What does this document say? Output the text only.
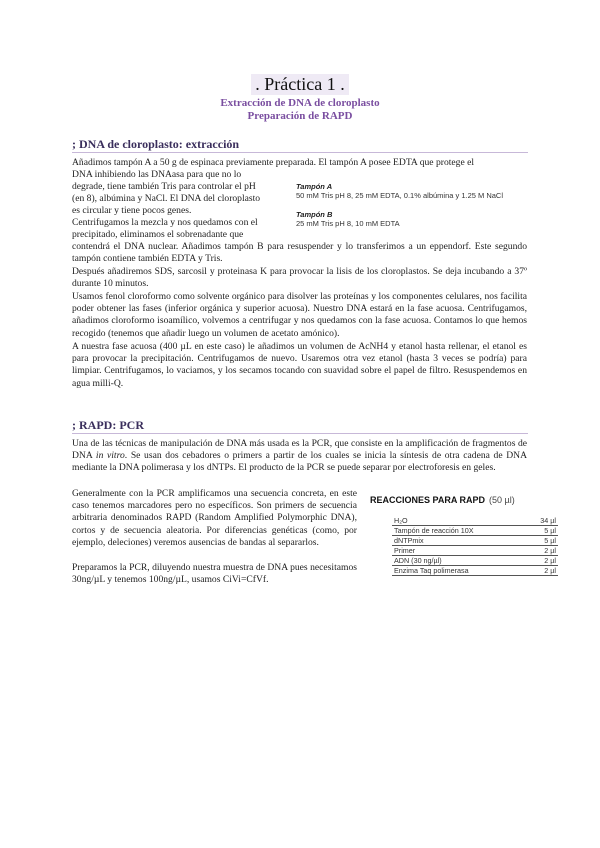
. Práctica 1 .
Extracción de DNA de cloroplasto
Preparación de RAPD
; DNA de cloroplasto: extracción
Añadimos tampón A a 50 g de espinaca previamente preparada. El tampón A posee EDTA que protege el
DNA inhibiendo las DNAasa para que no lo
degrade, tiene también Tris para controlar el pH
(en 8), albúmina y NaCl. El DNA del cloroplasto
es circular y tiene pocos genes.
Centrifugamos la mezcla y nos quedamos con el
precipitado, eliminamos el sobrenadante que
Tampón A
50 mM Tris pH 8, 25 mM EDTA, 0.1% albúmina y 1.25 M NaCl
Tampón B
25 mM Tris pH 8, 10 mM EDTA
contendrá el DNA nuclear. Añadimos tampón B para resuspender y lo transferimos a un eppendorf. Este segundo tampón contiene también EDTA y Tris.
Después añadiremos SDS, sarcosil y proteinasa K para provocar la lisis de los cloroplastos. Se deja incubando a 37º durante 10 minutos.
Usamos fenol cloroformo como solvente orgánico para disolver las proteínas y los componentes celulares, nos facilita poder obtener las fases (inferior orgánica y superior acuosa). Nuestro DNA estará en la fase acuosa. Centrifugamos, añadimos cloroformo isoamílico, volvemos a centrifugar y nos quedamos con la fase acuosa. Contamos lo que hemos recogido (tenemos que añadir luego un volumen de acetato amónico).
A nuestra fase acuosa (400 µL en este caso) le añadimos un volumen de AcNH4 y etanol hasta rellenar, el etanol es para provocar la precipitación. Centrifugamos de nuevo. Usaremos otra vez etanol (hasta 3 veces se podría) para limpiar. Centrifugamos, lo vaciamos, y los secamos tocando con suavidad sobre el papel de filtro. Resuspendemos en agua milli-Q.
; RAPD: PCR
Una de las técnicas de manipulación de DNA más usada es la PCR, que consiste en la amplificación de fragmentos de DNA in vitro. Se usan dos cebadores o primers a partir de los cuales se inicia la síntesis de otra cadena de DNA mediante la DNA polimerasa y los dNTPs. El producto de la PCR se puede separar por electroforesis en geles.
Generalmente con la PCR amplificamos una secuencia concreta, en este caso tenemos marcadores pero no específicos. Son primers de secuencia arbitraria denominados RAPD (Random Amplified Polymorphic DNA), cortos y de secuencia aleatoria. Por diferencias genéticas (como, por ejemplo, deleciones) veremos ausencias de bandas al separarlos.
Preparamos la PCR, diluyendo nuestra muestra de DNA pues necesitamos 30ng/µL y tenemos 100ng/µL, usamos CiVi=CfVf.
REACCIONES PARA RAPD (50 µl)
H₂O	34 µl
Tampón de reacción 10X	5 µl
dNTPmix	5 µl
Primer	2 µl
ADN (30 ng/µl)	2 µl
Enzima Taq polimerasa	2 µl
